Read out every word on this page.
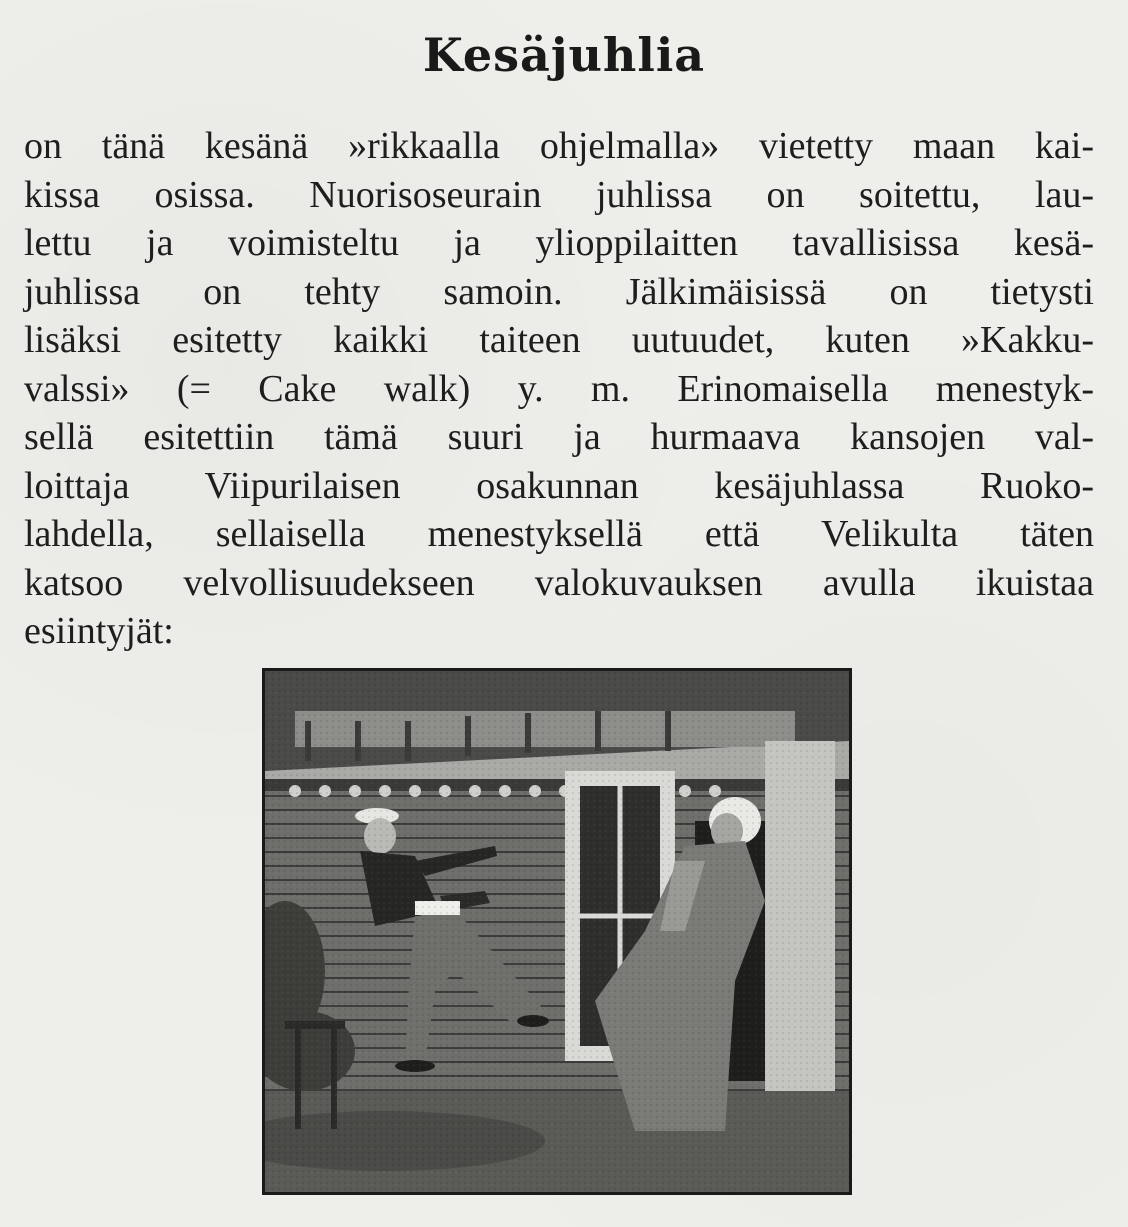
Kesäjuhlia
on tänä kesänä »rikkaalla ohjelmalla» vietetty maan kai-
kissa osissa. Nuorisoseurain juhlissa on soitettu, lau-
lettu ja voimisteltu ja ylioppilaitten tavallisissa kesä-
juhlissa on tehty samoin. Jälkimäisissä on tietysti
lisäksi esitetty kaikki taiteen uutuudet, kuten »Kakku-
valssi» (= Cake walk) y. m. Erinomaisella menestyk-
sellä esitettiin tämä suuri ja hurmaava kansojen val-
loittaja Viipurilaisen osakunnan kesäjuhlassa Ruoko-
lahdella, sellaisella menestyksellä että Velikulta täten
katsoo velvollisuudekseen valokuvauksen avulla ikuistaa
esiintyjät:
